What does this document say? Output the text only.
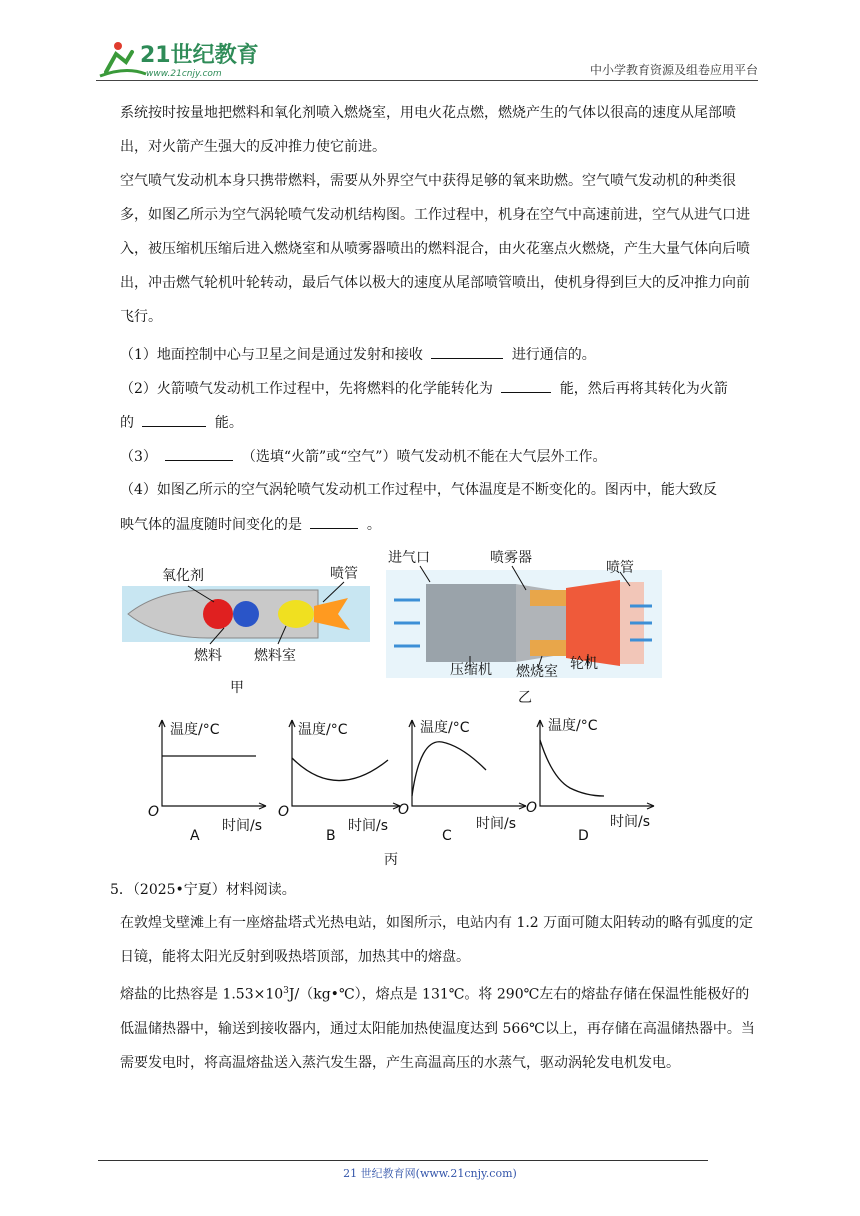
21世纪教育
www.21cnjy.com	中小学教育资源及组卷应用平台

系统按时按量地把燃料和氧化剂喷入燃烧室，用电火花点燃，燃烧产生的气体以很高的速度从尾部喷出，对火箭产生强大的反冲推力使它前进。

空气喷气发动机本身只携带燃料，需要从外界空气中获得足够的氧来助燃。空气喷气发动机的种类很多，如图乙所示为空气涡轮喷气发动机结构图。工作过程中，机身在空气中高速前进，空气从进气口进入，被压缩机压缩后进入燃烧室和从喷雾器喷出的燃料混合，由火花塞点火燃烧，产生大量气体向后喷出，冲击燃气轮机叶轮转动，最后气体以极大的速度从尾部喷管喷出，使机身得到巨大的反冲推力向前飞行。

（1）地面控制中心与卫星之间是通过发射和接收	进行通信的。
（2）火箭喷气发动机工作过程中，先将燃料的化学能转化为	能，然后再将其转化为火箭
的	能。
（3）	（选填“火箭”或“空气”）喷气发动机不能在大气层外工作。
（4）如图乙所示的空气涡轮喷气发动机工作过程中，气体温度是不断变化的。图丙中，能大致反
映气体的温度随时间变化的是	。
氧化剂	喷管
燃料 燃料室
甲
进气口	喷雾器
喷管
压缩机 燃烧室 轮机
乙
温度/°C
O
时间/s
A
温度/°C
O
时间/s
B
温度/°C
O
时间/s
C
温度/°C
O
时间/s
D
丙
5．（2025•宁夏）材料阅读。

在敦煌戈壁滩上有一座熔盐塔式光热电站，如图所示，电站内有 1.2 万面可随太阳转动的略有弧度的定日镜，能将太阳光反射到吸热塔顶部，加热其中的熔盘。

熔盐的比热容是 $1.53\times 10^3J/(kg•℃)$，熔点是 131℃。将 290℃左右的熔盐存储在保温性能极好的低温储热器中，输送到接收器内，通过太阳能加热使温度达到 566℃以上，再存储在高温储热器中。当需要发电时，将高温熔盐送入蒸汽发生器，产生高温高压的水蒸气，驱动涡轮发电机发电。

21 世纪教育网(www.21cnjy.com)
